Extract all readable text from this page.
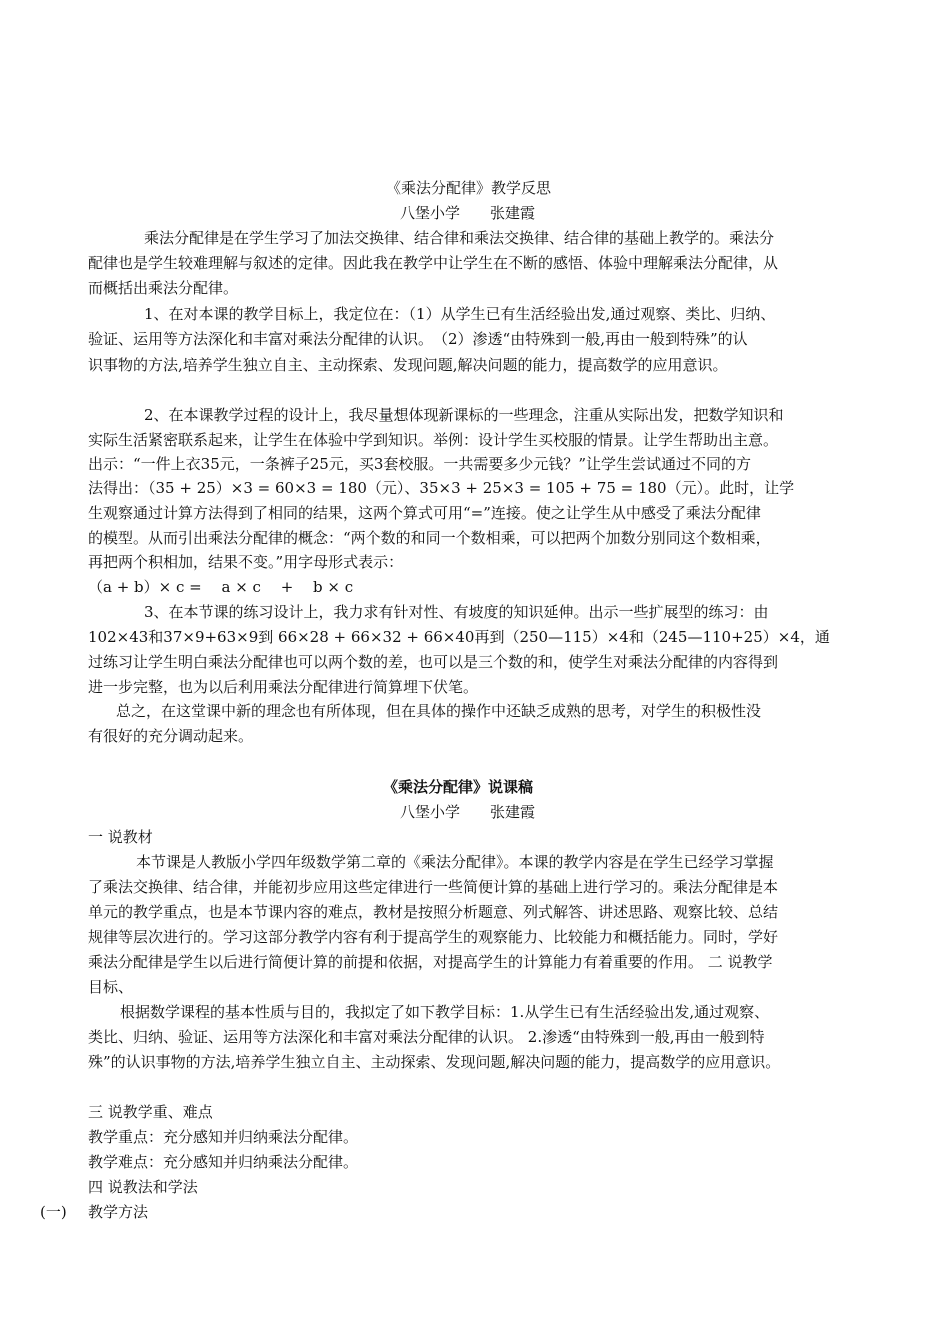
《乘法分配律》教学反思
八堡小学　　张建霞
乘法分配律是在学生学习了加法交换律、结合律和乘法交换律、结合律的基础上教学的。乘法分
配律也是学生较难理解与叙述的定律。因此我在教学中让学生在不断的感悟、体验中理解乘法分配律，从
而概括出乘法分配律。
1、在对本课的教学目标上，我定位在：（1）从学生已有生活经验出发,通过观察、类比、归纳、
验证、运用等方法深化和丰富对乘法分配律的认识。　（2）渗透“由特殊到一般,再由一般到特殊”的认
识事物的方法,培养学生独立自主、主动探索、发现问题,解决问题的能力，提高数学的应用意识。
2、在本课教学过程的设计上，我尽量想体现新课标的一些理念，注重从实际出发，把数学知识和
实际生活紧密联系起来，让学生在体验中学到知识。举例：设计学生买校服的情景。让学生帮助出主意。
出示：“一件上衣35元，一条裤子25元，买3套校服。一共需要多少元钱？”让学生尝试通过不同的方
法得出：（35 + 25）×3 = 60×3 = 180（元）、35×3 + 25×3 = 105 + 75 = 180（元）。此时，让学
生观察通过计算方法得到了相同的结果，这两个算式可用“=”连接。使之让学生从中感受了乘法分配律
的模型。从而引出乘法分配律的概念：“两个数的和同一个数相乘，可以把两个加数分别同这个数相乘，
再把两个积相加，结果不变。”用字母形式表示：
（a + b）× c =　 a × c　 +　 b × c
3、在本节课的练习设计上，我力求有针对性、有坡度的知识延伸。出示一些扩展型的练习：由
102×43和37×9+63×9到 66×28 + 66×32 + 66×40再到（250—115）×4和（245—110+25）×4，通
过练习让学生明白乘法分配律也可以两个数的差，也可以是三个数的和，使学生对乘法分配律的内容得到
进一步完整，也为以后利用乘法分配律进行简算埋下伏笔。
总之，在这堂课中新的理念也有所体现，但在具体的操作中还缺乏成熟的思考，对学生的积极性没
有很好的充分调动起来。
《乘法分配律》说课稿
八堡小学　　张建霞
一 说教材
本节课是人教版小学四年级数学第二章的《乘法分配律》。本课的教学内容是在学生已经学习掌握
了乘法交换律、结合律，并能初步应用这些定律进行一些简便计算的基础上进行学习的。乘法分配律是本
单元的教学重点，也是本节课内容的难点，教材是按照分析题意、列式解答、讲述思路、观察比较、总结
规律等层次进行的。学习这部分教学内容有利于提高学生的观察能力、比较能力和概括能力。同时，学好
乘法分配律是学生以后进行简便计算的前提和依据，对提高学生的计算能力有着重要的作用。 二 说教学
目标、
根据数学课程的基本性质与目的，我拟定了如下教学目标：1.从学生已有生活经验出发,通过观察、
类比、归纳、验证、运用等方法深化和丰富对乘法分配律的认识。 2.渗透“由特殊到一般,再由一般到特
殊”的认识事物的方法,培养学生独立自主、主动探索、发现问题,解决问题的能力，提高数学的应用意识。
三 说教学重、难点
教学重点：充分感知并归纳乘法分配律。
教学难点：充分感知并归纳乘法分配律。
四 说教法和学法
(一) 教学方法
